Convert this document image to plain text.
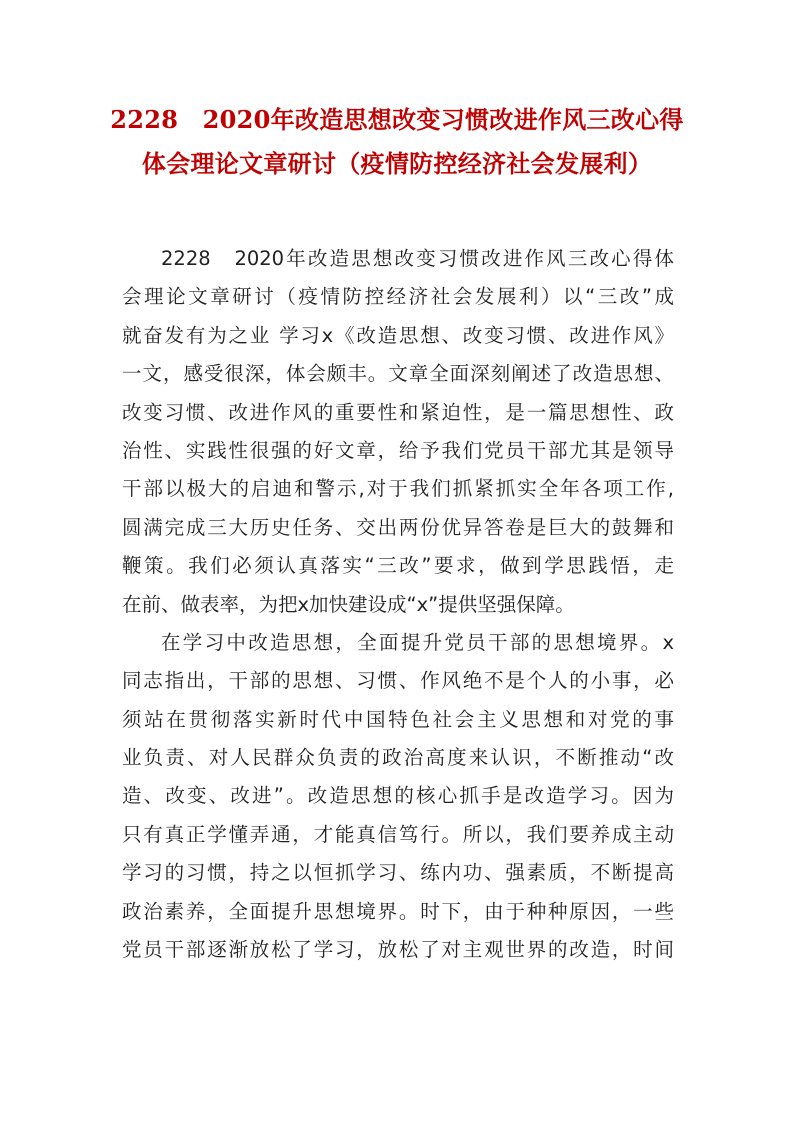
2228　2020年改造思想改变习惯改进作风三改心得
体会理论文章研讨（疫情防控经济社会发展利）
2228　2020年改造思想改变习惯改进作风三改心得体
会理论文章研讨（疫情防控经济社会发展利）以“三改”成
就奋发有为之业 学习x《改造思想、改变习惯、改进作风》
一文，感受很深，体会颇丰。文章全面深刻阐述了改造思想、
改变习惯、改进作风的重要性和紧迫性，是一篇思想性、政
治性、实践性很强的好文章，给予我们党员干部尤其是领导
干部以极大的启迪和警示,对于我们抓紧抓实全年各项工作,
圆满完成三大历史任务、交出两份优异答卷是巨大的鼓舞和
鞭策。我们必须认真落实“三改”要求，做到学思践悟，走
在前、做表率，为把x加快建设成“x”提供坚强保障。
在学习中改造思想，全面提升党员干部的思想境界。x
同志指出，干部的思想、习惯、作风绝不是个人的小事，必
须站在贯彻落实新时代中国特色社会主义思想和对党的事
业负责、对人民群众负责的政治高度来认识，不断推动“改
造、改变、改进”。改造思想的核心抓手是改造学习。因为
只有真正学懂弄通，才能真信笃行。所以，我们要养成主动
学习的习惯，持之以恒抓学习、练内功、强素质，不断提高
政治素养，全面提升思想境界。时下，由于种种原因，一些
党员干部逐渐放松了学习，放松了对主观世界的改造，时间
